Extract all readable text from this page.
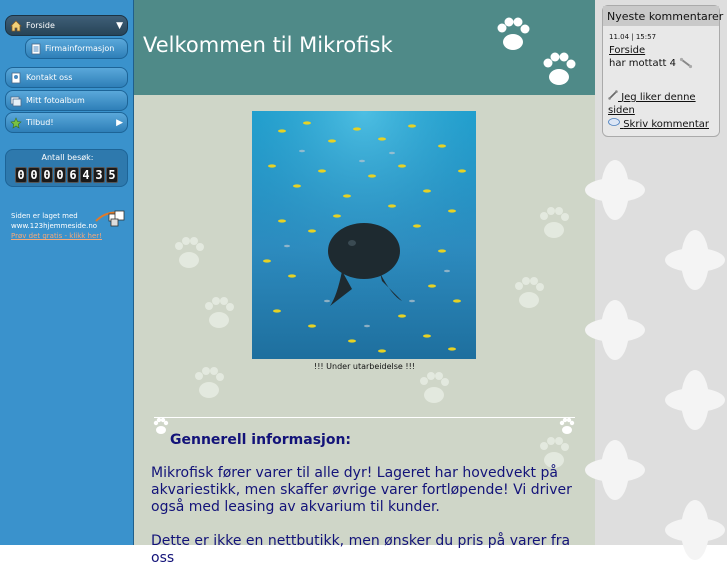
Forside	▼
Firmainformasjon
Kontakt oss
Mitt fotoalbum
Tilbud!	▶
Antall besøk:
0 0 0 0 6 4 3 5
Siden er laget med
www.123hjemmeside.no
Prøv det gratis - klikk her!
Velkommen til Mikrofisk
!!! Under utarbeidelse !!!
Gennerell informasjon:

Mikrofisk fører varer til alle dyr! Lageret har hovedvekt på akvariestikk, men skaffer øvrige varer fortløpende! Vi driver også med leasing av akvarium til kunder.

Dette er ikke en nettbutikk, men ønsker du pris på varer fra oss

Nyeste kommentarer
11.04 | 15:57
Forside
har mottatt 4
Jeg liker denne siden
Skriv kommentar
